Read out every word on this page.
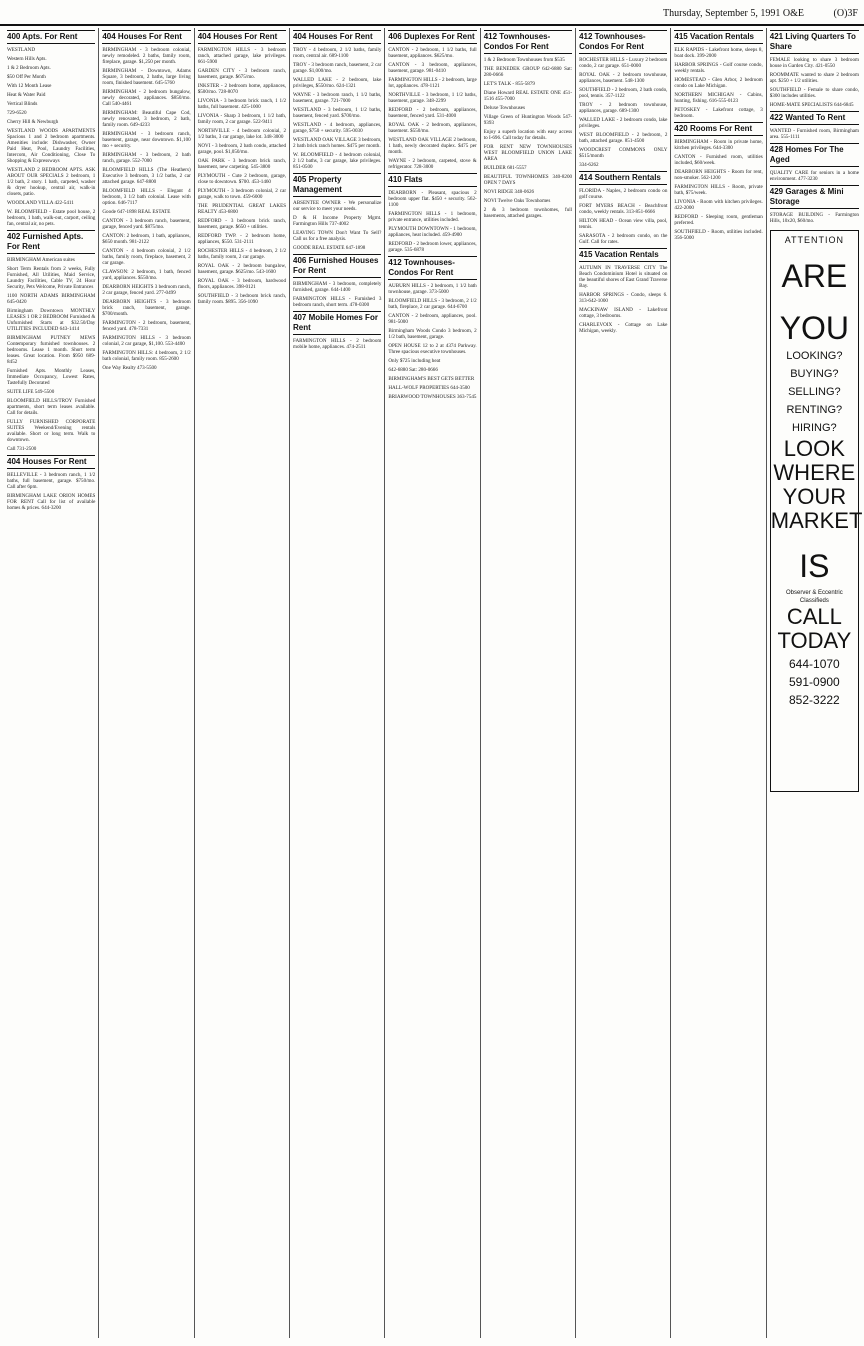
Thursday, September 5, 1991 O&E	(O)3F
400 Apts. For Rent
WESTLAND
Western Hills Apts.
1 & 2 Bedroom Apts.
$50 Off Per Month
With 12 Month Lease
Heat & Water Paid
Vertical Blinds
729-6520
Cherry Hill & Newburgh
WESTLAND WOODS APARTMENTS Spacious 1 and 2 bedroom apartments. Amenities include: Dishwasher, Owner Paid Heat, Pool, Laundry Facilities, Intercom, Air Conditioning, Close To Shopping & Expressways
WESTLAND 2 BEDROOM APTS. ASK ABOUT OUR SPECIALS 2 bedroom, 1 1/2 bath, 2 story. 1 bath, carpeted, washer & dryer hookup, central air, walk-in closets, patio.
WOODLAND VILLA 422-5411
W. BLOOMFIELD - Estate pool house, 2 bedroom, 1 bath, walk-out, carport, ceiling fan, central air, no pets.
402 Furnished Apts. For Rent
BIRMINGHAM American suites
Short Term Rentals from 2 weeks, Fully Furnished, All Utilities, Maid Service, Laundry Facilities, Cable TV, 24 Hour Security, Pets Welcome, Private Entrances
1100 NORTH ADAMS BIRMINGHAM 645-0420
Birmingham Downtown MONTHLY LEASES 1 OR 2 BEDROOM Furnished & Unfurnished Starts at $32.50/Day UTILITIES INCLUDED 643-1414
BIRMINGHAM PUTNEY MEWS Contemporary furnished townhouses. 2 bedrooms. Lease 1 month. Short term leases. Great location. From $950 689-8452
Furnished Apts. Monthly Leases, Immediate Occupancy, Lowest Rates, Tastefully Decorated
SUITE LIFE 549-5500
BLOOMFIELD HILLS/TROY Furnished apartments, short term leases available. Call for details.
FULLY FURNISHED CORPORATE SUITES Weekend/Evening rentals available. Short or long term. Walk to downtown.
Call 731-2500
404 Houses For Rent
BELLEVILLE - 3 bedroom ranch, 1 1/2 baths, full basement, garage. $750/mo. Call after 6pm.
BIRMINGHAM LAKE ORION HOMES FOR RENT Call for list of available homes & prices. 644-3200
404 Houses For Rent
BIRMINGHAM - 3 bedroom colonial, newly remodeled. 2 baths, family room, fireplace, garage. $1,250 per month.
BIRMINGHAM - Downtown, Adams Square, 3 bedroom, 2 baths, large living room, finished basement. 645-5760
BIRMINGHAM - 2 bedroom bungalow, newly decorated, appliances. $850/mo. Call 540-4461
BIRMINGHAM: Beautiful Cape Cod, newly renovated, 3 bedroom, 2 bath, family room. 649-4233
BIRMINGHAM - 3 bedroom ranch, basement, garage, near downtown. $1,100 mo + security.
BIRMINGHAM - 3 bedroom, 2 bath ranch, garage. 552-7000
BLOOMFIELD HILLS (The Heathers) Executive 3 bedroom, 3 1/2 baths, 2 car attached garage. 647-8800
BLOOMFIELD HILLS - Elegant 4 bedroom, 3 1/2 bath colonial. Lease with option. 646-7117
Goode 647-1898 REAL ESTATE
CANTON - 3 bedroom ranch, basement, garage, fenced yard. $875/mo.
CANTON: 2 bedroom, 1 bath, appliances, $650 month. 981-2122
CANTON - 4 bedroom colonial, 2 1/2 baths, family room, fireplace, basement, 2 car garage.
CLAWSON: 2 bedroom, 1 bath, fenced yard, appliances. $550/mo.
DEARBORN HEIGHTS 3 bedroom ranch, 2 car garage, fenced yard. 277-0499
DEARBORN HEIGHTS - 3 bedroom brick ranch, basement, garage. $700/month.
FARMINGTON - 2 bedroom, basement, fenced yard. 478-7331
FARMINGTON HILLS - 3 bedroom colonial, 2 car garage, $1,100. 553-4400
FARMINGTON HILLS: 4 bedroom, 2 1/2 bath colonial, family room. 855-2600
One Way Realty 473-5500
404 Houses For Rent
FARMINGTON HILLS - 3 bedroom ranch, attached garage, lake privileges. 661-5900
GARDEN CITY - 3 bedroom ranch, basement, garage. $675/mo.
INKSTER - 2 bedroom home, appliances, $500/mo. 728-8070
LIVONIA - 3 bedroom brick ranch, 1 1/2 baths, full basement. 425-1000
LIVONIA - Sharp 3 bedroom, 1 1/2 bath, family room, 2 car garage. 522-9411
NORTHVILLE - 4 bedroom colonial, 2 1/2 baths, 3 car garage, lake lot. 348-3000
NOVI - 3 bedroom, 2 bath condo, attached garage, pool. $1,050/mo.
OAK PARK - 3 bedroom brick ranch, basement, new carpeting. 545-3800
PLYMOUTH - Cute 2 bedroom, garage, close to downtown. $700. 453-1460
PLYMOUTH - 3 bedroom colonial, 2 car garage, walk to town. 459-6000
THE PRUDENTIAL GREAT LAKES REALTY 453-6800
REDFORD - 3 bedroom brick ranch, basement, garage. $650 + utilities.
REDFORD TWP. - 2 bedroom home, appliances, $550. 531-2111
ROCHESTER HILLS - 4 bedroom, 2 1/2 baths, family room, 2 car garage.
ROYAL OAK - 2 bedroom bungalow, basement, garage. $625/mo. 543-1600
ROYAL OAK - 3 bedroom, hardwood floors, appliances. 398-0121
SOUTHFIELD - 3 bedroom brick ranch, family room. $895. 356-1090
404 Houses For Rent
TROY - 4 bedroom, 2 1/2 baths, family room, central air. 689-1100
TROY - 3 bedroom ranch, basement, 2 car garage. $1,000/mo.
WALLED LAKE - 2 bedroom, lake privileges, $550/mo. 624-1321
WAYNE - 3 bedroom ranch, 1 1/2 baths, basement, garage. 721-7000
WESTLAND - 3 bedroom, 1 1/2 baths, basement, fenced yard. $700/mo.
WESTLAND - 4 bedroom, appliances, garage, $750 + security. 595-0030
WESTLAND OAK VILLAGE 3 bedroom, 2 bath brick ranch homes. $475 per month.
W. BLOOMFIELD - 4 bedroom colonial, 2 1/2 baths, 3 car garage, lake privileges. 851-0500
405 Property Management
ABSENTEE OWNER - We personalize our service to meet your needs.
D & H Income Property Mgmt. Farmington Hills 737-4002
LEAVING TOWN Don't Want To Sell? Call us for a free analysis.
GOODE REAL ESTATE 647-1898
406 Furnished Houses For Rent
BIRMINGHAM - 3 bedroom, completely furnished, garage. 644-1400
FARMINGTON HILLS - Furnished 3 bedroom ranch, short term. 478-0300
407 Mobile Homes For Rent
FARMINGTON HILLS - 2 bedroom mobile home, appliances. 474-2511
406 Duplexes For Rent
CANTON - 2 bedroom, 1 1/2 baths, full basement, appliances. $625/mo.
CANTON - 3 bedroom, appliances, basement, garage. 981-0410
FARMINGTON HILLS - 2 bedroom, large lot, appliances. 478-1121
NORTHVILLE - 3 bedroom, 1 1/2 baths, basement, garage. 348-2299
REDFORD - 2 bedroom, appliances, basement, fenced yard. 531-4000
ROYAL OAK - 2 bedroom, appliances, basement. $550/mo.
WESTLAND OAK VILLAGE 2 bedroom, 1 bath, newly decorated duplex. $475 per month.
WAYNE - 2 bedroom, carpeted, stove & refrigerator. 728-3000
410 Flats
DEARBORN - Pleasant, spacious 2 bedroom upper flat. $450 + security. 562-1100
FARMINGTON HILLS - 1 bedroom, private entrance, utilities included.
PLYMOUTH DOWNTOWN - 1 bedroom, appliances, heat included. 459-4900
REDFORD - 2 bedroom lower, appliances, garage. 535-6878
412 Townhouses-Condos For Rent
AUBURN HILLS - 2 bedroom, 1 1/2 bath townhouse, garage. 373-5000
BLOOMFIELD HILLS - 3 bedroom, 2 1/2 bath, fireplace, 2 car garage. 644-6700
CANTON - 2 bedroom, appliances, pool. 981-5000
Birmingham Woods Condo 3 bedroom, 2 1/2 bath, basement, garage.
OPEN HOUSE 12 to 2 at 4374 Parkway. Three spacious executive townhouses.
Only $725 including heat
642-6880 Sat: 280-0666
BIRMINGHAM'S BEST GETS BETTER
HALL-WOLF PROPERTIES 644-3500
BRIARWOOD TOWNHOUSES 363-7545
412 Townhouses-Condos For Rent
1 & 2 Bedroom Townhouses from $535
THE BENEDEK GROUP 642-6880 Sat: 280-0666
LET'S TALK - 855-5879
Diane Howard REAL ESTATE ONE 451-1516 455-7000
Deluxe Townhouses
Village Green of Huntington Woods 547-9393
Enjoy a superb location with easy access to I-696. Call today for details.
FOR RENT NEW TOWNHOUSES WEST BLOOMFIELD UNION LAKE AREA
BUILDER 681-5557
BEAUTIFUL TOWNHOMES 340-8200 OPEN 7 DAYS
NOVI RIDGE 348-0626
NOVI Twelve Oaks Townhomes
2 & 3 bedroom townhomes, full basements, attached garages.
412 Townhouses-Condos For Rent
ROCHESTER HILLS - Luxury 2 bedroom condo, 2 car garage. 651-0000
ROYAL OAK - 2 bedroom townhouse, appliances, basement. 548-1300
SOUTHFIELD - 2 bedroom, 2 bath condo, pool, tennis. 357-1122
TROY - 2 bedroom townhouse, appliances, garage. 689-1300
WALLED LAKE - 2 bedroom condo, lake privileges.
WEST BLOOMFIELD - 2 bedroom, 2 bath, attached garage. 851-4500
WOODCREST COMMONS ONLY $515/month
334-6262
414 Southern Rentals
FLORIDA - Naples, 2 bedroom condo on golf course.
FORT MYERS BEACH - Beachfront condo, weekly rentals. 313-851-6666
HILTON HEAD - Ocean view villa, pool, tennis.
SARASOTA - 2 bedroom condo, on the Gulf. Call for rates.
415 Vacation Rentals
AUTUMN IN TRAVERSE CITY The Beach Condominium Hotel is situated on the beautiful shores of East Grand Traverse Bay.
HARBOR SPRINGS - Condo, sleeps 6. 313-642-1000
MACKINAW ISLAND - Lakefront cottage, 3 bedrooms.
CHARLEVOIX - Cottage on Lake Michigan, weekly.
415 Vacation Rentals
ELK RAPIDS - Lakefront home, sleeps 8, boat dock. 399-2000
HARBOR SPRINGS - Golf course condo, weekly rentals.
HOMESTEAD - Glen Arbor, 2 bedroom condo on Lake Michigan.
NORTHERN MICHIGAN - Cabins, hunting, fishing. 616-555-0123
PETOSKEY - Lakefront cottage, 3 bedroom.
420 Rooms For Rent
BIRMINGHAM - Room in private home, kitchen privileges. 644-3300
CANTON - Furnished room, utilities included, $60/week.
DEARBORN HEIGHTS - Room for rent, non-smoker. 562-1200
FARMINGTON HILLS - Room, private bath, $75/week.
LIVONIA - Room with kitchen privileges. 422-2000
REDFORD - Sleeping room, gentleman preferred.
SOUTHFIELD - Room, utilities included. 356-5000
421 Living Quarters To Share
FEMALE looking to share 3 bedroom house in Garden City. 421-0550
ROOMMATE wanted to share 2 bedroom apt. $250 + 1/2 utilities.
SOUTHFIELD - Female to share condo, $300 includes utilities.
HOME-MATE SPECIALISTS 644-6845
422 Wanted To Rent
WANTED - Furnished room, Birmingham area. 555-1111
428 Homes For The Aged
QUALITY CARE for seniors in a home environment. 477-3230
429 Garages & Mini Storage
STORAGE BUILDING - Farmington Hills, 10x20, $60/mo.
ATTENTION
ARE
YOU
LOOKING?
BUYING?
SELLING?
RENTING?
HIRING?
LOOK
WHERE
YOUR
MARKET
IS
Observer & Eccentric Classifieds
CALL
TODAY
644-1070
591-0900
852-3222
